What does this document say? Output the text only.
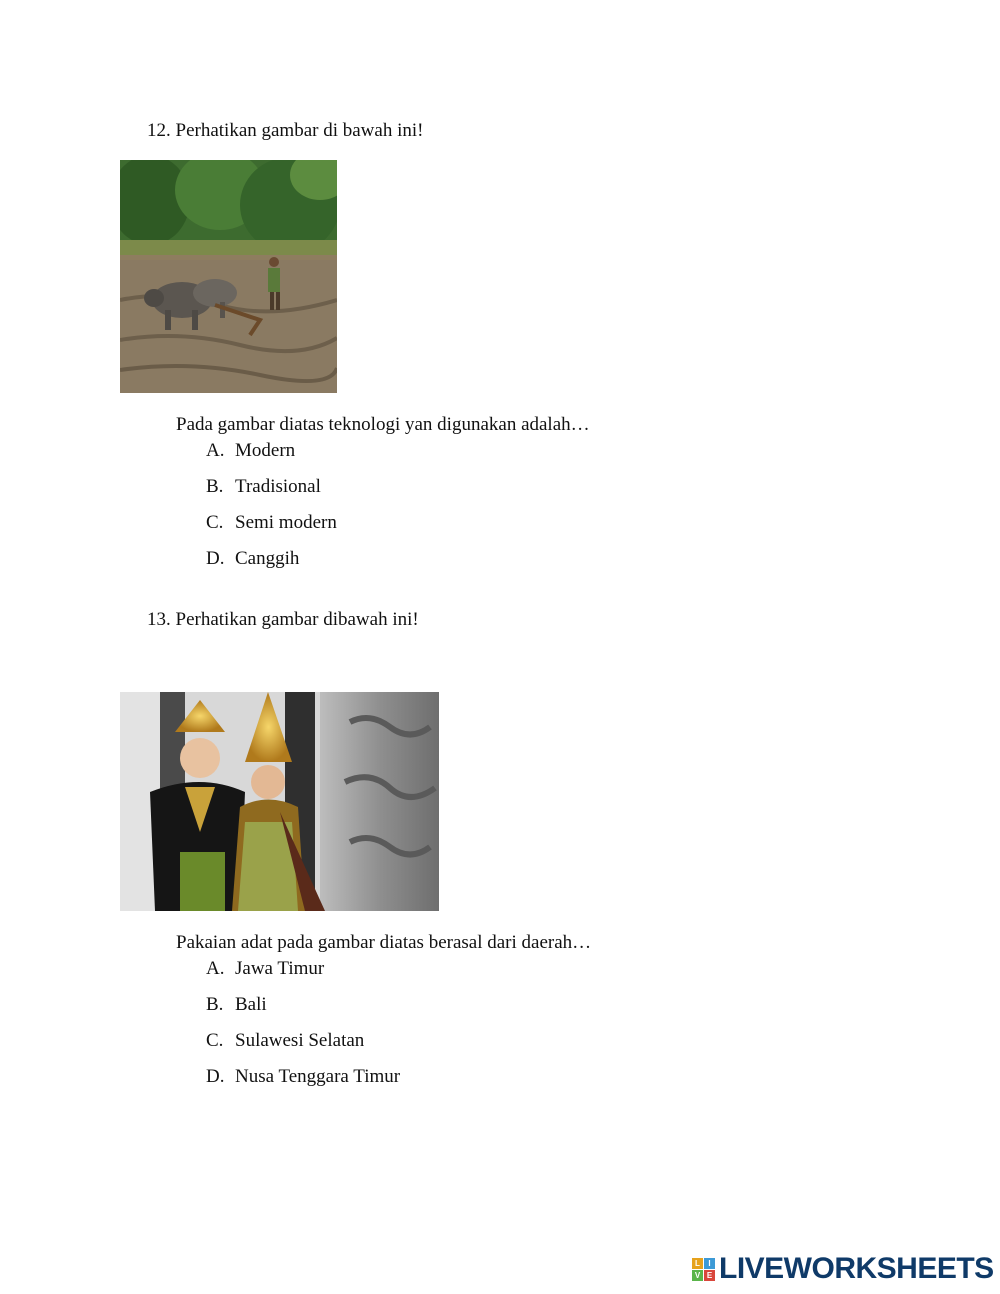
12. Perhatikan gambar di bawah ini!
Pada gambar diatas teknologi yan digunakan adalah…
A. Modern
B. Tradisional
C. Semi modern
D. Canggih
13. Perhatikan gambar dibawah ini!
Pakaian adat pada gambar diatas berasal dari daerah…
A. Jawa Timur
B. Bali
C. Sulawesi Selatan
D. Nusa Tenggara Timur
L	I
V E LIVEWORKSHEETS
